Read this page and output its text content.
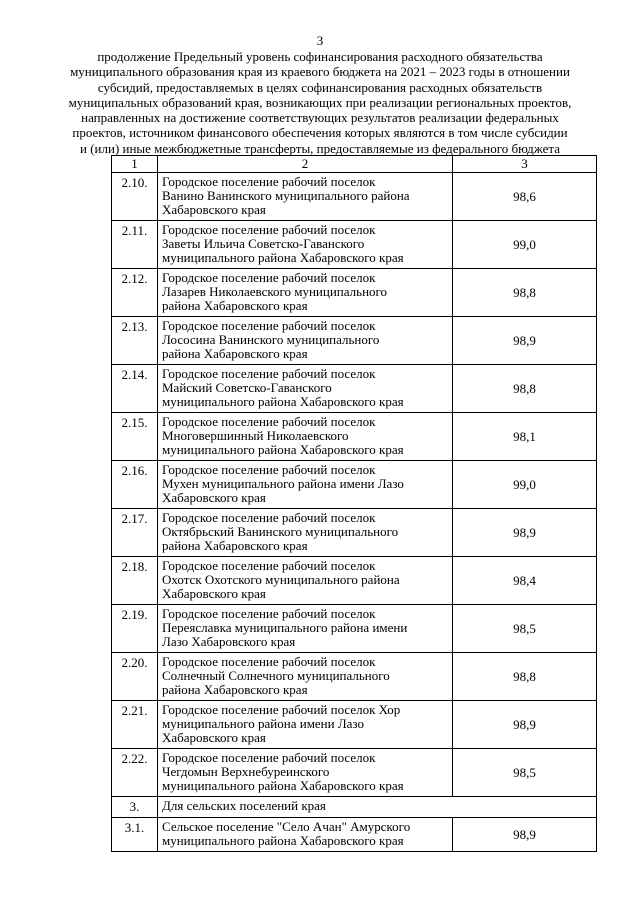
3
продолжение Предельный уровень софинансирования расходного обязательства
муниципального образования края из краевого бюджета на 2021 – 2023 годы в отношении
субсидий, предоставляемых в целях софинансирования расходных обязательств
муниципальных образований края, возникающих при реализации региональных проектов,
направленных на достижение соответствующих результатов реализации федеральных
проектов, источником финансового обеспечения которых являются в том числе субсидии
и (или) иные межбюджетные трансферты, предоставляемые из федерального бюджета
1	2	3
2.10.	Городское поселение рабочий поселок
Ванино Ванинского муниципального района
Хабаровского края	98,6
2.11.	Городское поселение рабочий поселок
Заветы Ильича Советско-Гаванского
муниципального района Хабаровского края	99,0
2.12.	Городское поселение рабочий поселок
Лазарев Николаевского муниципального
района Хабаровского края	98,8
2.13.	Городское поселение рабочий поселок
Лососина Ванинского муниципального
района Хабаровского края	98,9
2.14.	Городское поселение рабочий поселок
Майский Советско-Гаванского
муниципального района Хабаровского края	98,8
2.15.	Городское поселение рабочий поселок
Многовершинный Николаевского
муниципального района Хабаровского края	98,1
2.16.	Городское поселение рабочий поселок
Мухен муниципального района имени Лазо
Хабаровского края	99,0
2.17.	Городское поселение рабочий поселок
Октябрьский Ванинского муниципального
района Хабаровского края	98,9
2.18.	Городское поселение рабочий поселок
Охотск Охотского муниципального района
Хабаровского края	98,4
2.19.	Городское поселение рабочий поселок
Переяславка муниципального района имени
Лазо Хабаровского края	98,5
2.20.	Городское поселение рабочий поселок
Солнечный Солнечного муниципального
района Хабаровского края	98,8
2.21.	Городское поселение рабочий поселок Хор
муниципального района имени Лазо
Хабаровского края	98,9
2.22.	Городское поселение рабочий поселок
Чегдомын Верхнебуреинского
муниципального района Хабаровского края	98,5
3.	Для сельских поселений края	
3.1.	Сельское поселение "Село Ачан" Амурского
муниципального района Хабаровского края	98,9
